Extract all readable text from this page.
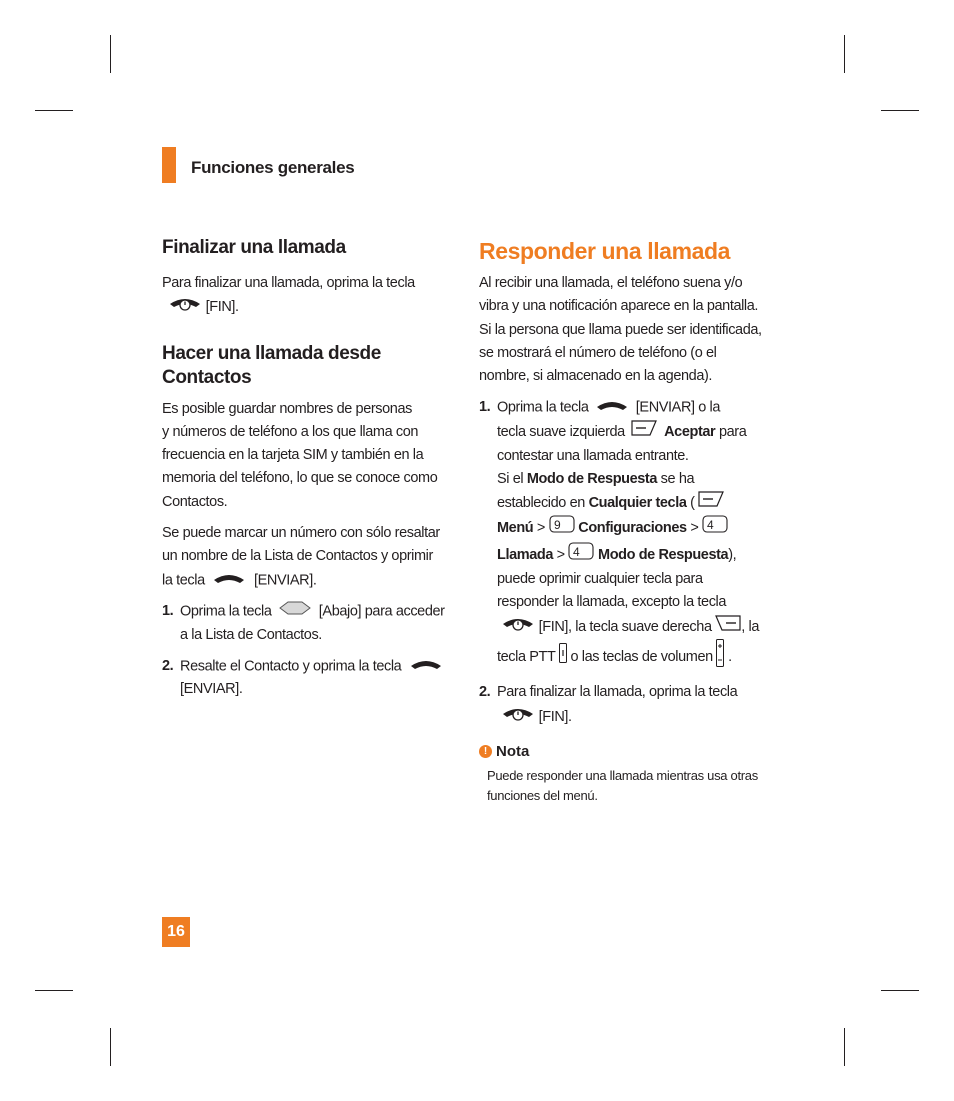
Funciones generales
Finalizar una llamada

Para finalizar una llamada, oprima la tecla
[FIN].

Hacer una llamada desde
Contactos

Es posible guardar nombres de personas
y números de teléfono a los que llama con
frecuencia en la tarjeta SIM y también en la
memoria del teléfono, lo que se conoce como
Contactos.

Se puede marcar un número con sólo resaltar
un nombre de la Lista de Contactos y oprimir
la tecla	[ENVIAR].

1. Oprima la tecla	[Abajo] para acceder
a la Lista de Contactos.
2. Resalte el Contacto y oprima la tecla
[ENVIAR].
Responder una llamada

Al recibir una llamada, el teléfono suena y/o
vibra y una notificación aparece en la pantalla.
Si la persona que llama puede ser identificada,
se mostrará el número de teléfono (o el
nombre, si almacenado en la agenda).

1. Oprima la tecla	[ENVIAR] o la
tecla suave izquierda	Aceptar para
contestar una llamada entrante.
Si el Modo de Respuesta se ha
establecido en Cualquier tecla (
Menú > 9 Configuraciones > 4

Llamada > 4 Modo de Respuesta),
puede oprimir cualquier tecla para
responder la llamada, excepto la tecla
[FIN], la tecla suave derecha , la
tecla PTT o las teclas de volumen .
2. Para finalizar la llamada, oprima la tecla
[FIN].
! Nota

Puede responder una llamada mientras usa otras
funciones del menú.

16
